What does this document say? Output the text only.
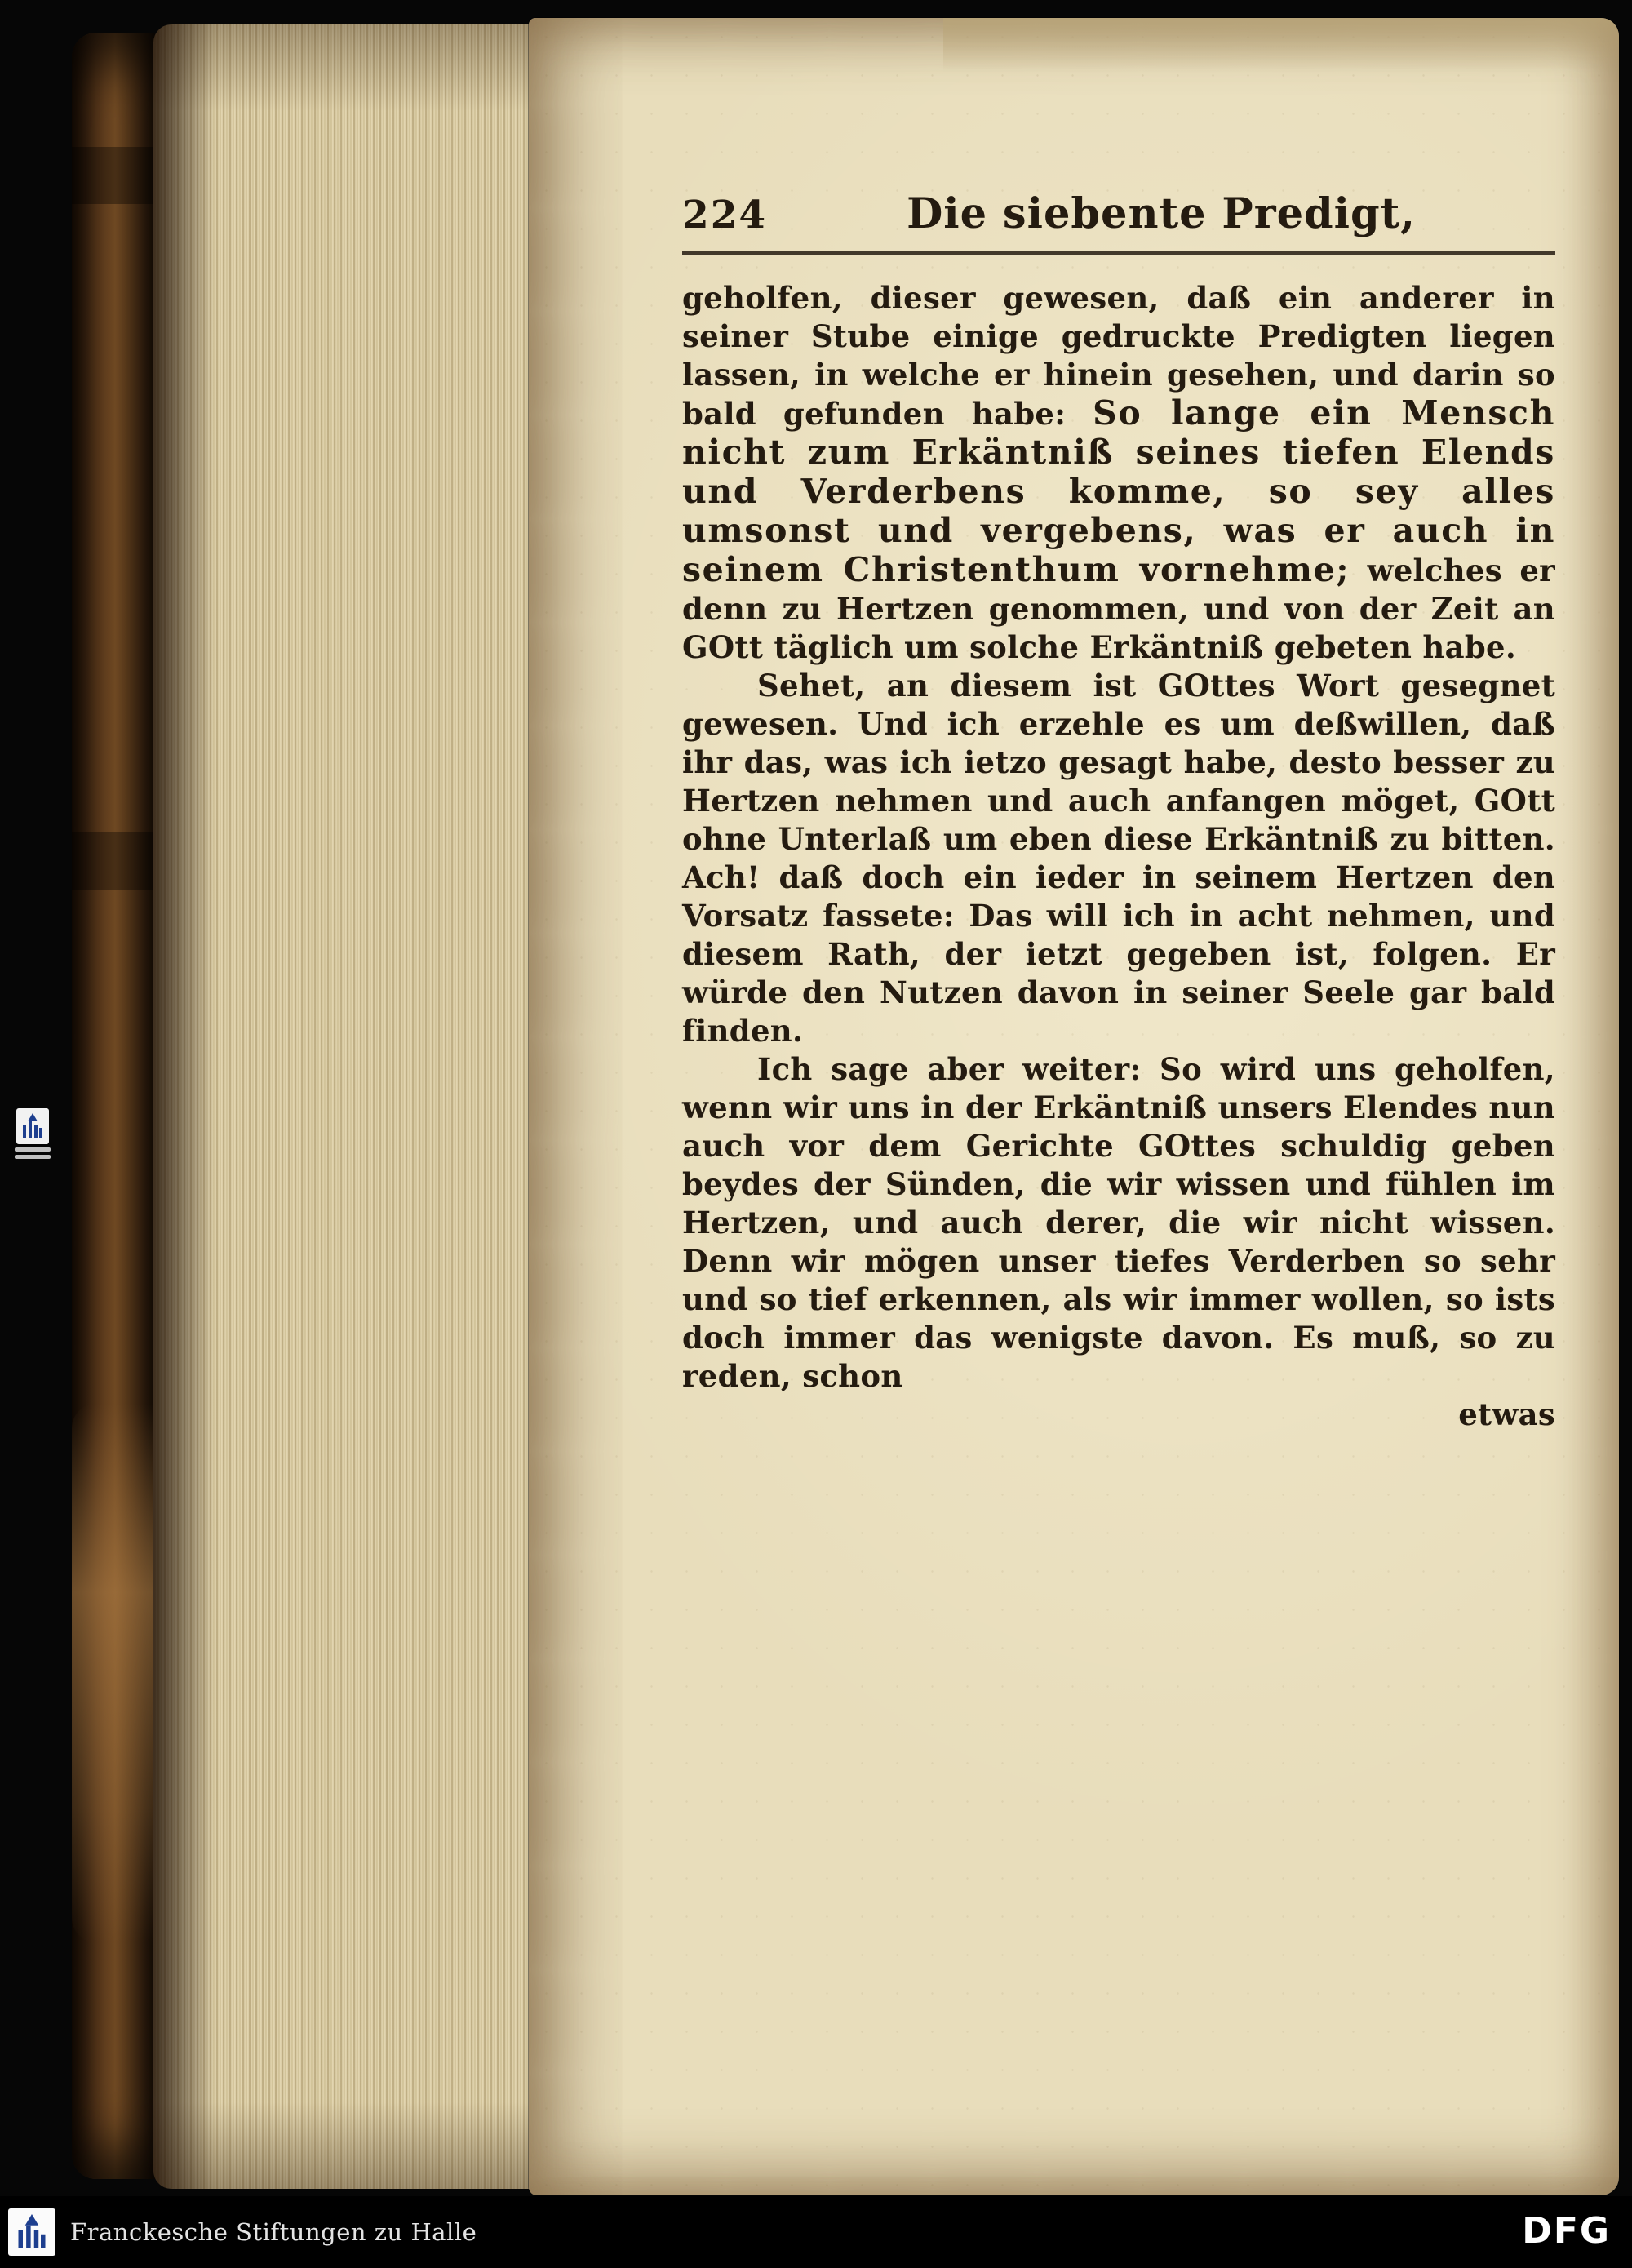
224	Die siebente Predigt,

geholfen, dieser gewesen, daß ein anderer in seiner Stube einige gedruckte Predigten liegen lassen, in welche er hinein gesehen, und darin so bald gefunden habe: So lange ein Mensch nicht zum Erkäntniß seines tiefen Elends und Verderbens komme, so sey alles umsonst und vergebens, was er auch in seinem Christenthum vornehme; welches er denn zu Hertzen genommen, und von der Zeit an GOtt täglich um solche Erkäntniß gebeten habe.

Sehet, an diesem ist GOttes Wort gesegnet gewesen. Und ich erzehle es um deßwillen, daß ihr das, was ich ietzo gesagt habe, desto besser zu Hertzen nehmen und auch anfangen möget, GOtt ohne Unterlaß um eben diese Erkäntniß zu bitten. Ach! daß doch ein ieder in seinem Hertzen den Vorsatz fassete: Das will ich in acht nehmen, und diesem Rath, der ietzt gegeben ist, folgen. Er würde den Nutzen davon in seiner Seele gar bald finden.

Ich sage aber weiter: So wird uns geholfen, wenn wir uns in der Erkäntniß unsers Elendes nun auch vor dem Gerichte GOttes schuldig geben beydes der Sünden, die wir wissen und fühlen im Hertzen, und auch derer, die wir nicht wissen. Denn wir mögen unser tiefes Verderben so sehr und so tief erkennen, als wir immer wollen, so ists doch immer das wenigste davon. Es muß, so zu reden, schon

etwas

Franckesche Stiftungen zu Halle	DFG
